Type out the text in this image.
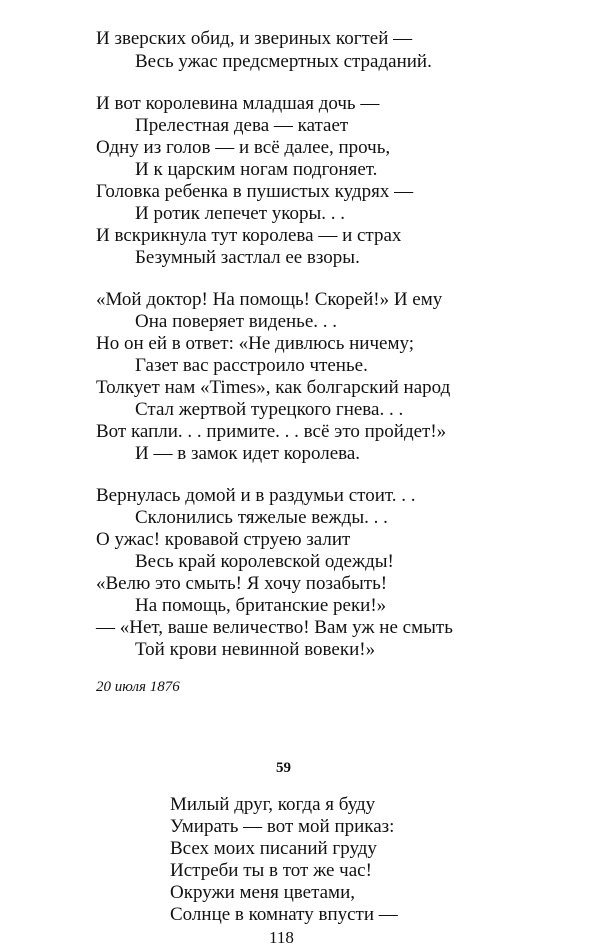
И зверских обид, и звериных когтей —
Весь ужас предсмертных страданий.
И вот королевина младшая дочь —
Прелестная дева — катает
Одну из голов — и всё далее, прочь,
И к царским ногам подгоняет.
Головка ребенка в пушистых кудрях —
И ротик лепечет укоры. . .
И вскрикнула тут королева — и страх
Безумный застлал ее взоры.
«Мой доктор! На помощь! Скорей!» И ему
Она поверяет виденье. . .
Но он ей в ответ: «Не дивлюсь ничему;
Газет вас расстроило чтенье.
Толкует нам «Times», как болгарский народ
Стал жертвой турецкого гнева. . .
Вот капли. . . примите. . . всё это пройдет!»
И — в замок идет королева.
Вернулась домой и в раздумьи стоит. . .
Склонились тяжелые вежды. . .
О ужас! кровавой струею залит
Весь край королевской одежды!
«Велю это смыть! Я хочу позабыть!
На помощь, британские реки!»
— «Нет, ваше величество! Вам уж не смыть
Той крови невинной вовеки!»
20 июля 1876
59
Милый друг, когда я буду
Умирать — вот мой приказ:
Всех моих писаний груду
Истреби ты в тот же час!
Окружи меня цветами,
Солнце в комнату впусти —
118
